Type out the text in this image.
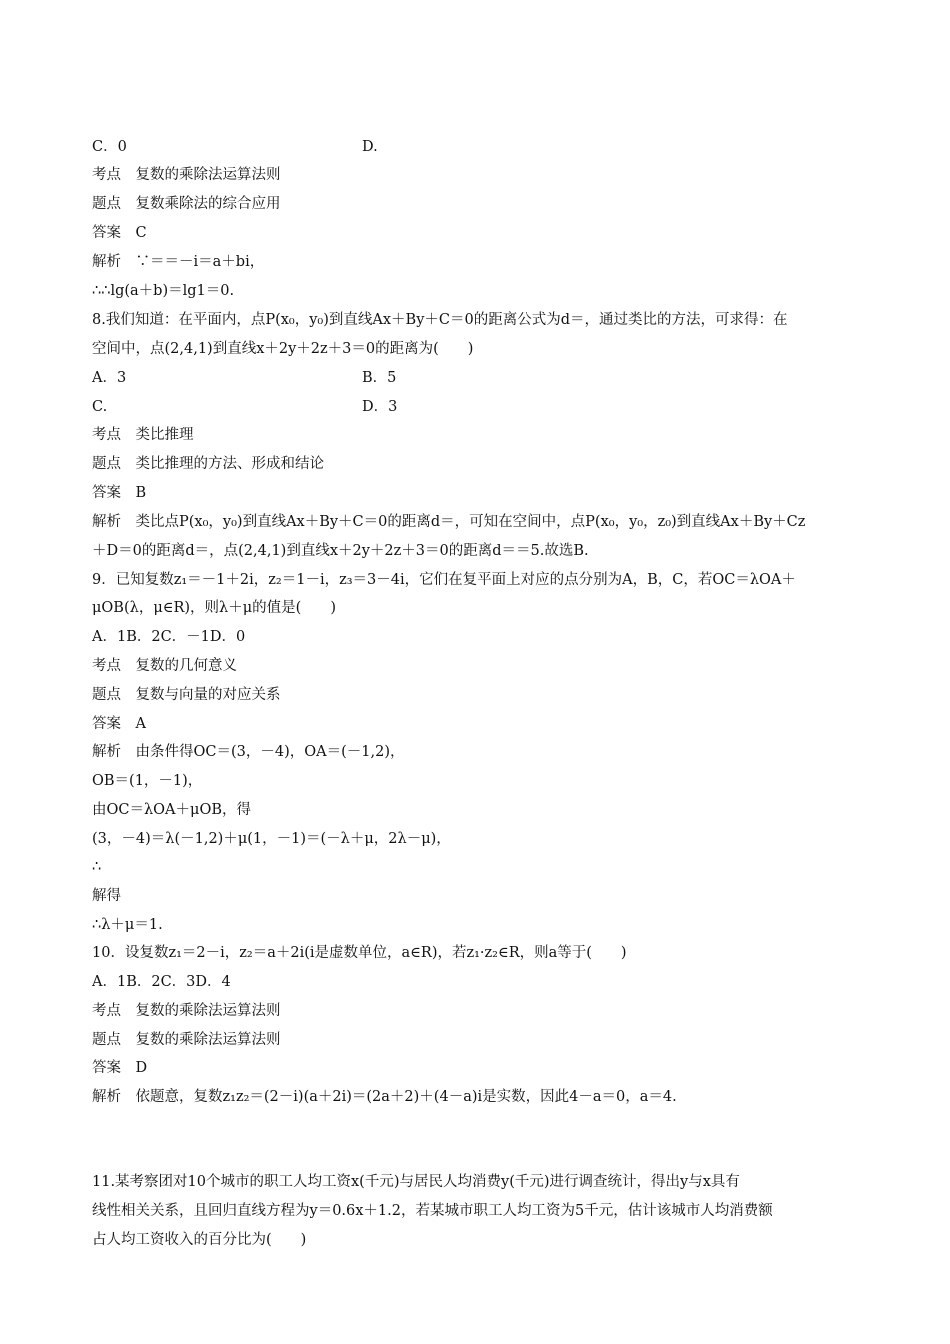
C．0	D.
考点　复数的乘除法运算法则
题点　复数乘除法的综合应用
答案　C
解析　∵＝＝－i＝a＋bi，
∴∴lg(a＋b)＝lg1＝0.
8.我们知道：在平面内，点P(x₀，y₀)到直线Ax＋By＋C＝0的距离公式为d＝，通过类比的方法，可求得：在
空间中，点(2,4,1)到直线x＋2y＋2z＋3＝0的距离为(　　)
A．3	B．5
C.	D．3
考点　类比推理
题点　类比推理的方法、形成和结论
答案　B
解析　类比点P(x₀，y₀)到直线Ax＋By＋C＝0的距离d＝，可知在空间中，点P(x₀，y₀，z₀)到直线Ax＋By＋Cz
＋D＝0的距离d＝，点(2,4,1)到直线x＋2y＋2z＋3＝0的距离d＝＝5.故选B.
9．已知复数z₁＝－1＋2i，z₂＝1－i，z₃＝3－4i，它们在复平面上对应的点分别为A，B，C，若OC＝λOA＋
μOB(λ，μ∈R)，则λ＋μ的值是(　　)
A．1B．2C．－1D．0
考点　复数的几何意义
题点　复数与向量的对应关系
答案　A
解析　由条件得OC＝(3，－4)，OA＝(－1,2)，
OB＝(1，－1)，
由OC＝λOA＋μOB，得
(3，－4)＝λ(－1,2)＋μ(1，－1)＝(－λ＋μ，2λ－μ)，
∴
解得
∴λ＋μ＝1.
10．设复数z₁＝2－i，z₂＝a＋2i(i是虚数单位，a∈R)，若z₁·z₂∈R，则a等于(　　)
A．1B．2C．3D．4
考点　复数的乘除法运算法则
题点　复数的乘除法运算法则
答案　D
解析　依题意，复数z₁z₂＝(2－i)(a＋2i)＝(2a＋2)＋(4－a)i是实数，因此4－a＝0，a＝4.
11.某考察团对10个城市的职工人均工资x(千元)与居民人均消费y(千元)进行调查统计，得出y与x具有
线性相关关系，且回归直线方程为y＝0.6x＋1.2，若某城市职工人均工资为5千元，估计该城市人均消费额
占人均工资收入的百分比为(　　)
